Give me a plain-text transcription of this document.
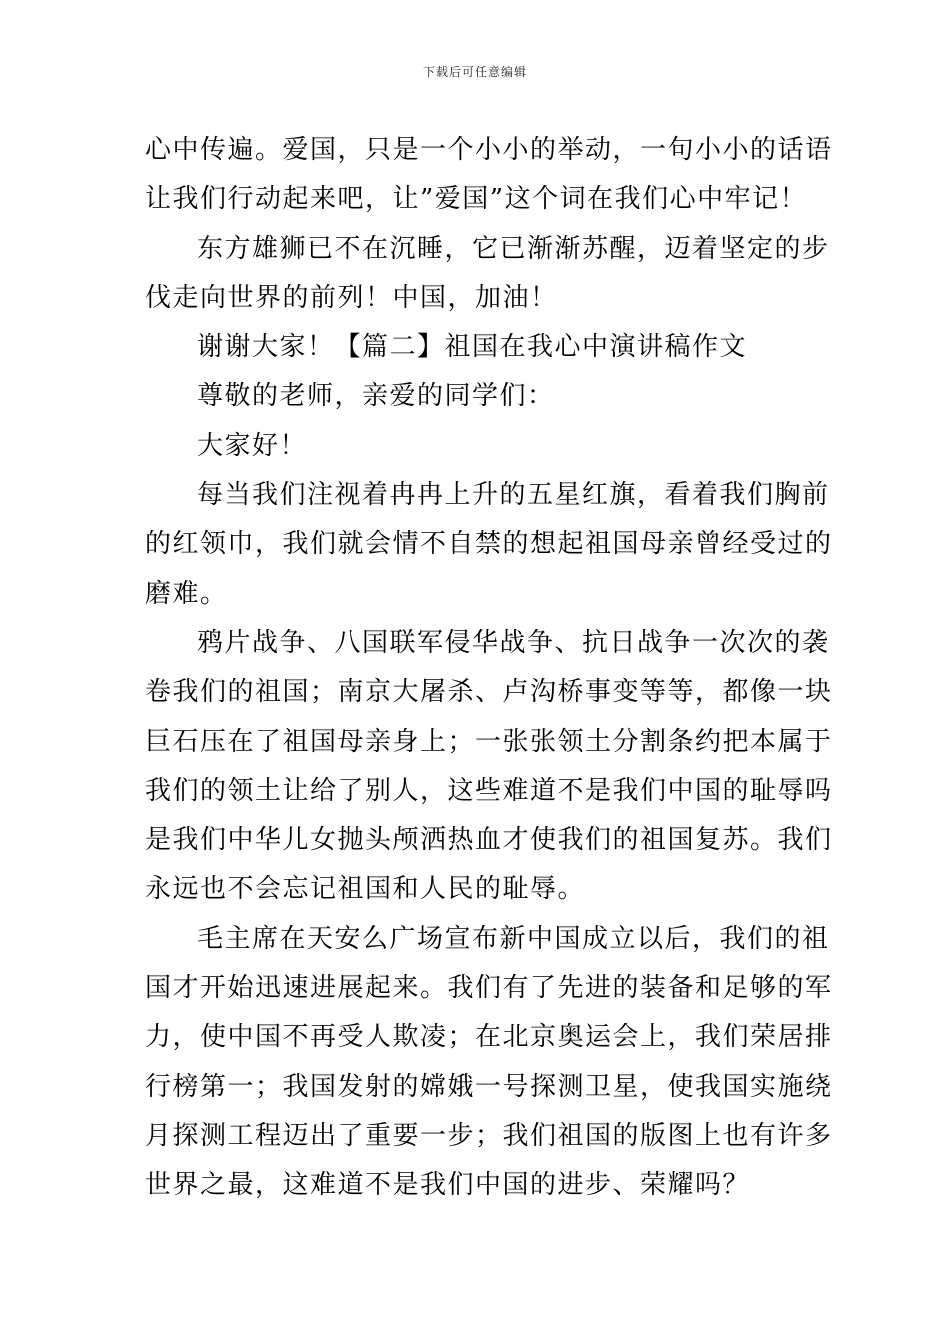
下载后可任意编辑
心中传遍。爱国，只是一个小小的举动，一句小小的话语
让我们行动起来吧，让”爱国”这个词在我们心中牢记！
东方雄狮已不在沉睡，它已渐渐苏醒，迈着坚定的步
伐走向世界的前列！中国，加油！
谢谢大家！【篇二】祖国在我心中演讲稿作文
尊敬的老师，亲爱的同学们：
大家好！
每当我们注视着冉冉上升的五星红旗，看着我们胸前
的红领巾，我们就会情不自禁的想起祖国母亲曾经受过的
磨难。
鸦片战争、八国联军侵华战争、抗日战争一次次的袭
卷我们的祖国；南京大屠杀、卢沟桥事变等等，都像一块
巨石压在了祖国母亲身上；一张张领土分割条约把本属于
我们的领土让给了别人，这些难道不是我们中国的耻辱吗
是我们中华儿女抛头颅洒热血才使我们的祖国复苏。我们
永远也不会忘记祖国和人民的耻辱。
毛主席在天安么广场宣布新中国成立以后，我们的祖
国才开始迅速进展起来。我们有了先进的装备和足够的军
力，使中国不再受人欺凌；在北京奥运会上，我们荣居排
行榜第一；我国发射的嫦娥一号探测卫星，使我国实施绕
月探测工程迈出了重要一步；我们祖国的版图上也有许多
世界之最，这难道不是我们中国的进步、荣耀吗？
